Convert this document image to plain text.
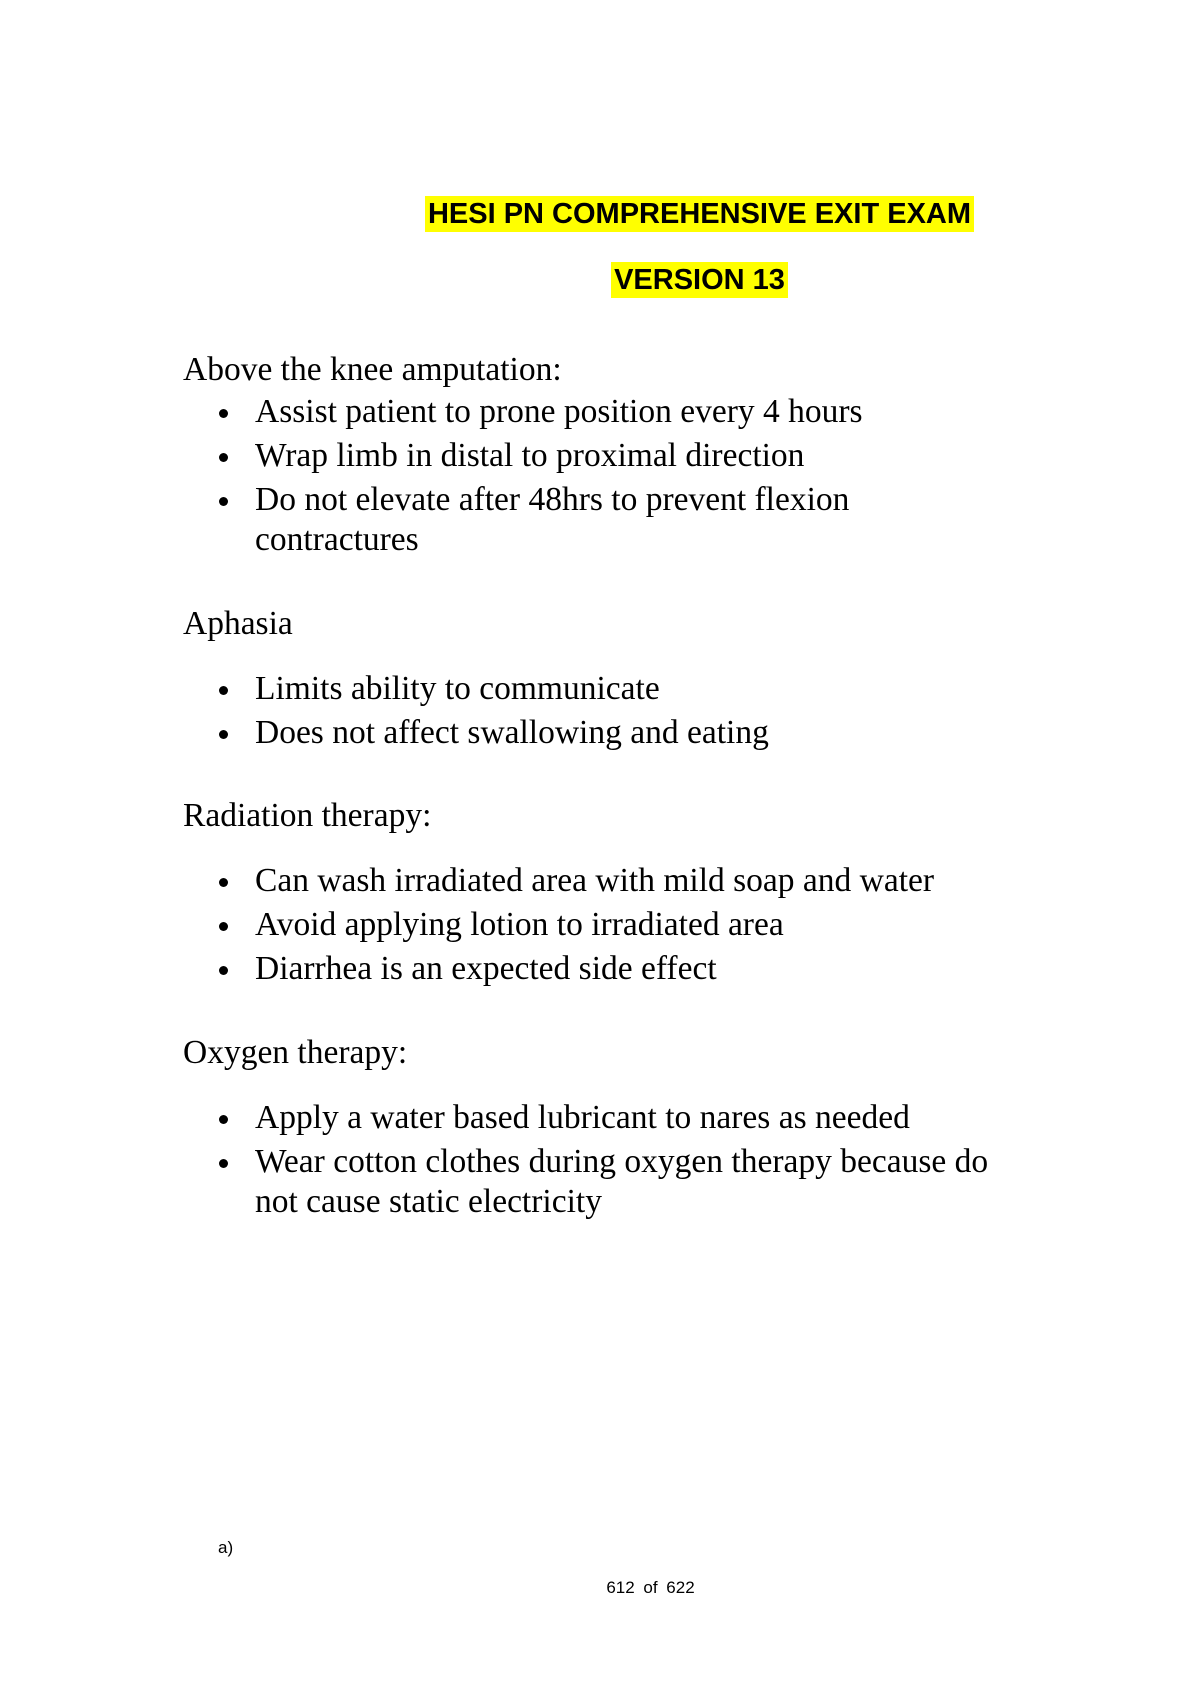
HESI PN COMPREHENSIVE EXIT EXAM
VERSION 13

Above the knee amputation:

Assist patient to prone position every 4 hours
Wrap limb in distal to proximal direction
Do not elevate after 48hrs to prevent flexion contractures

Aphasia

Limits ability to communicate
Does not affect swallowing and eating

Radiation therapy:

Can wash irradiated area with mild soap and water
Avoid applying lotion to irradiated area
Diarrhea is an expected side effect

Oxygen therapy:

Apply a water based lubricant to nares as needed
Wear cotton clothes during oxygen therapy because do not cause static electricity
a)
612 of 622
